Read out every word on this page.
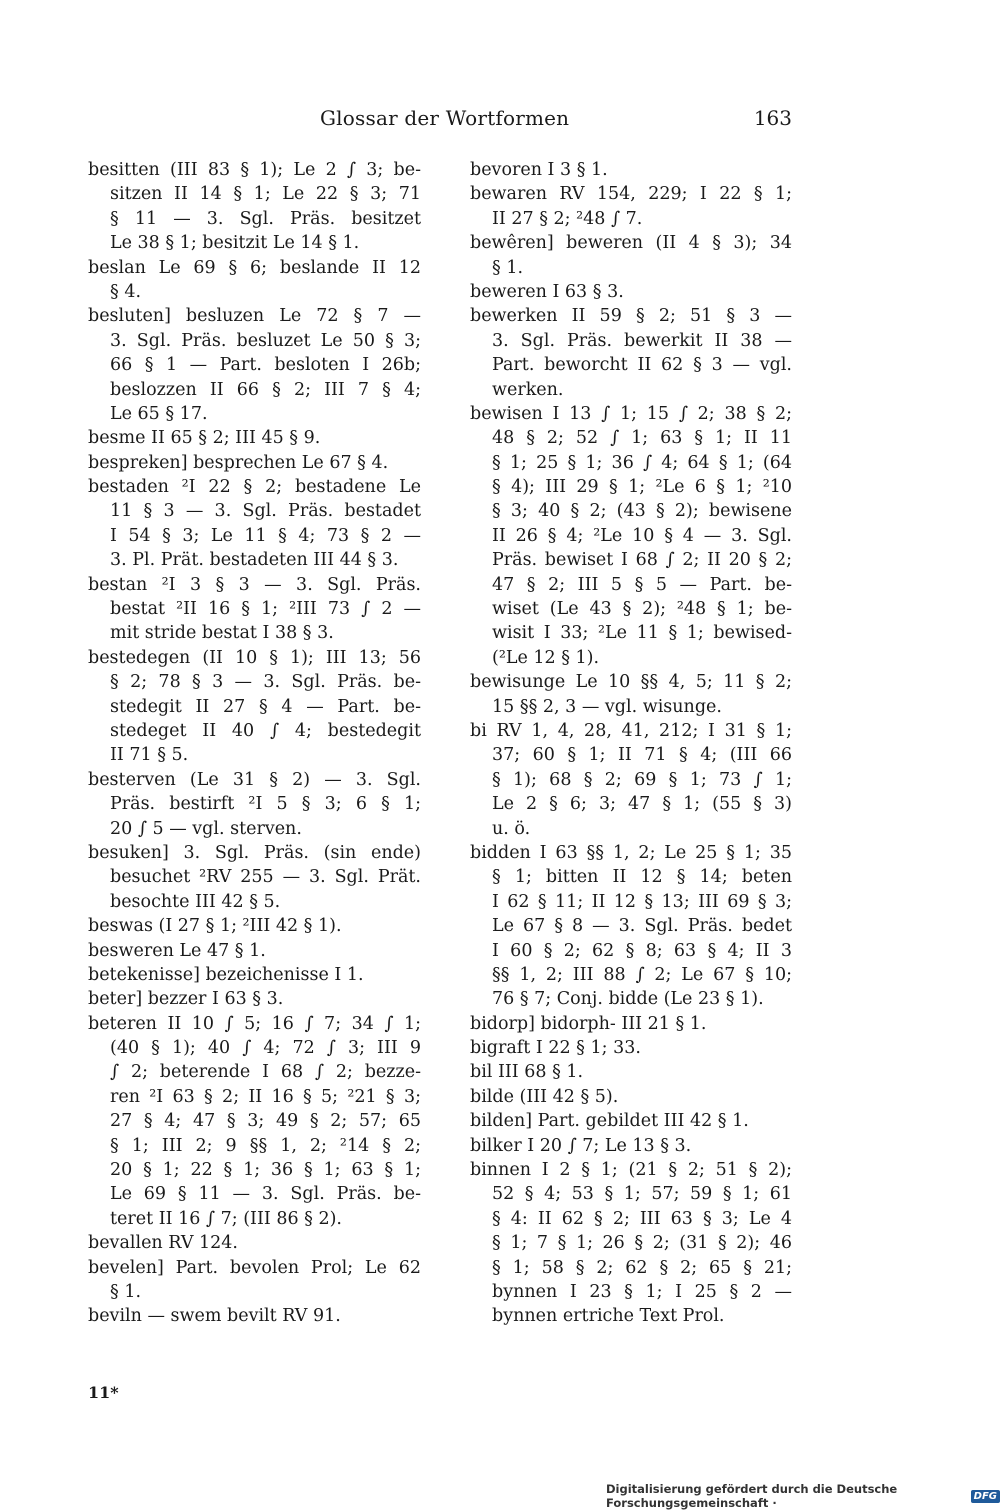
Glossar der Wortformen	163
besitten (III 83 § 1); Le 2 ∫ 3; be-
sitzen II 14 § 1; Le 22 § 3; 71
§ 11 — 3. Sgl. Präs. besitzet
Le 38 § 1; besitzit Le 14 § 1.
beslan Le 69 § 6; beslande II 12
§ 4.
besluten] besluzen Le 72 § 7 —
3. Sgl. Präs. besluzet Le 50 § 3;
66 § 1 — Part. besloten I 26b;
beslozzen II 66 § 2; III 7 § 4;
Le 65 § 17.
besme II 65 § 2; III 45 § 9.
bespreken] besprechen Le 67 § 4.
bestaden ²I 22 § 2; bestadene Le
11 § 3 — 3. Sgl. Präs. bestadet
I 54 § 3; Le 11 § 4; 73 § 2 —
3. Pl. Prät. bestadeten III 44 § 3.
bestan ²I 3 § 3 — 3. Sgl. Präs.
bestat ²II 16 § 1; ²III 73 ∫ 2 —
mit stride bestat I 38 § 3.
bestedegen (II 10 § 1); III 13; 56
§ 2; 78 § 3 — 3. Sgl. Präs. be-
stedegit II 27 § 4 — Part. be-
stedeget II 40 ∫ 4; bestedegit
II 71 § 5.
besterven (Le 31 § 2) — 3. Sgl.
Präs. bestirft ²I 5 § 3; 6 § 1;
20 ∫ 5 — vgl. sterven.
besuken] 3. Sgl. Präs. (sin ende)
besuchet ²RV 255 — 3. Sgl. Prät.
besochte III 42 § 5.
beswas (I 27 § 1; ²III 42 § 1).
besweren Le 47 § 1.
betekenisse] bezeichenisse I 1.
beter] bezzer I 63 § 3.
beteren II 10 ∫ 5; 16 ∫ 7; 34 ∫ 1;
(40 § 1); 40 ∫ 4; 72 ∫ 3; III 9
∫ 2; beterende I 68 ∫ 2; bezze-
ren ²I 63 § 2; II 16 § 5; ²21 § 3;
27 § 4; 47 § 3; 49 § 2; 57; 65
§ 1; III 2; 9 §§ 1, 2; ²14 § 2;
20 § 1; 22 § 1; 36 § 1; 63 § 1;
Le 69 § 11 — 3. Sgl. Präs. be-
teret II 16 ∫ 7; (III 86 § 2).
bevallen RV 124.
bevelen] Part. bevolen Prol; Le 62
§ 1.
beviln — swem bevilt RV 91.
bevoren I 3 § 1.
bewaren RV 154, 229; I 22 § 1;
II 27 § 2; ²48 ∫ 7.
bewêren] beweren (II 4 § 3); 34
§ 1.
beweren I 63 § 3.
bewerken II 59 § 2; 51 § 3 —
3. Sgl. Präs. bewerkit II 38 —
Part. beworcht II 62 § 3 — vgl.
werken.
bewisen I 13 ∫ 1; 15 ∫ 2; 38 § 2;
48 § 2; 52 ∫ 1; 63 § 1; II 11
§ 1; 25 § 1; 36 ∫ 4; 64 § 1; (64
§ 4); III 29 § 1; ²Le 6 § 1; ²10
§ 3; 40 § 2; (43 § 2); bewisene
II 26 § 4; ²Le 10 § 4 — 3. Sgl.
Präs. bewiset I 68 ∫ 2; II 20 § 2;
47 § 2; III 5 § 5 — Part. be-
wiset (Le 43 § 2); ²48 § 1; be-
wisit I 33; ²Le 11 § 1; bewised-
(²Le 12 § 1).
bewisunge Le 10 §§ 4, 5; 11 § 2;
15 §§ 2, 3 — vgl. wisunge.
bi RV 1, 4, 28, 41, 212; I 31 § 1;
37; 60 § 1; II 71 § 4; (III 66
§ 1); 68 § 2; 69 § 1; 73 ∫ 1;
Le 2 § 6; 3; 47 § 1; (55 § 3)
u. ö.
bidden I 63 §§ 1, 2; Le 25 § 1; 35
§ 1; bitten II 12 § 14; beten
I 62 § 11; II 12 § 13; III 69 § 3;
Le 67 § 8 — 3. Sgl. Präs. bedet
I 60 § 2; 62 § 8; 63 § 4; II 3
§§ 1, 2; III 88 ∫ 2; Le 67 § 10;
76 § 7; Conj. bidde (Le 23 § 1).
bidorp] bidorph- III 21 § 1.
bigraft I 22 § 1; 33.
bil III 68 § 1.
bilde (III 42 § 5).
bilden] Part. gebildet III 42 § 1.
bilker I 20 ∫ 7; Le 13 § 3.
binnen I 2 § 1; (21 § 2; 51 § 2);
52 § 4; 53 § 1; 57; 59 § 1; 61
§ 4: II 62 § 2; III 63 § 3; Le 4
§ 1; 7 § 1; 26 § 2; (31 § 2); 46
§ 1; 58 § 2; 62 § 2; 65 § 21;
bynnen I 23 § 1; I 25 § 2 —
bynnen ertriche Text Prol.
11*
Digitalisierung gefördert durch die Deutsche Forschungsgemeinschaft ·	DFG
